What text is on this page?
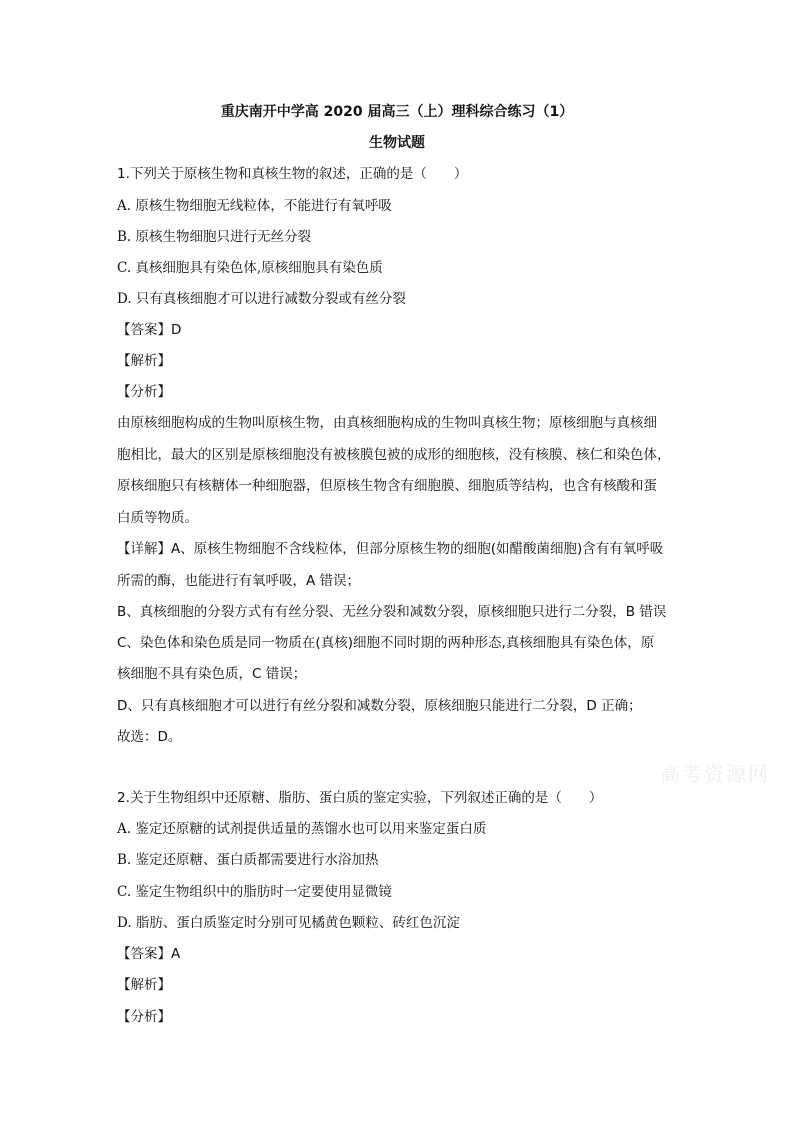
重庆南开中学高 2020 届高三（上）理科综合练习（1）
生物试题
1.下列关于原核生物和真核生物的叙述，正确的是（　　）
A. 原核生物细胞无线粒体，不能进行有氧呼吸
B. 原核生物细胞只进行无丝分裂
C. 真核细胞具有染色体,原核细胞具有染色质
D. 只有真核细胞才可以进行减数分裂或有丝分裂
【答案】D
【解析】
【分析】
由原核细胞构成的生物叫原核生物，由真核细胞构成的生物叫真核生物；原核细胞与真核细
胞相比，最大的区别是原核细胞没有被核膜包被的成形的细胞核，没有核膜、核仁和染色体，
原核细胞只有核糖体一种细胞器，但原核生物含有细胞膜、细胞质等结构，也含有核酸和蛋
白质等物质。
【详解】A、原核生物细胞不含线粒体，但部分原核生物的细胞(如醋酸菌细胞)含有有氧呼吸
所需的酶，也能进行有氧呼吸，A 错误；
B、真核细胞的分裂方式有有丝分裂、无丝分裂和减数分裂，原核细胞只进行二分裂，B 错误
C、染色体和染色质是同一物质在(真核)细胞不同时期的两种形态,真核细胞具有染色体，原
核细胞不具有染色质，C 错误；
D、只有真核细胞才可以进行有丝分裂和减数分裂，原核细胞只能进行二分裂，D 正确；
故选：D。
高考资源网
2.关于生物组织中还原糖、脂肪、蛋白质的鉴定实验，下列叙述正确的是（　　）
A. 鉴定还原糖的试剂提供适量的蒸馏水也可以用来鉴定蛋白质
B. 鉴定还原糖、蛋白质都需要进行水浴加热
C. 鉴定生物组织中的脂肪时一定要使用显微镜
D. 脂肪、蛋白质鉴定时分别可见橘黄色颗粒、砖红色沉淀
【答案】A
【解析】
【分析】
